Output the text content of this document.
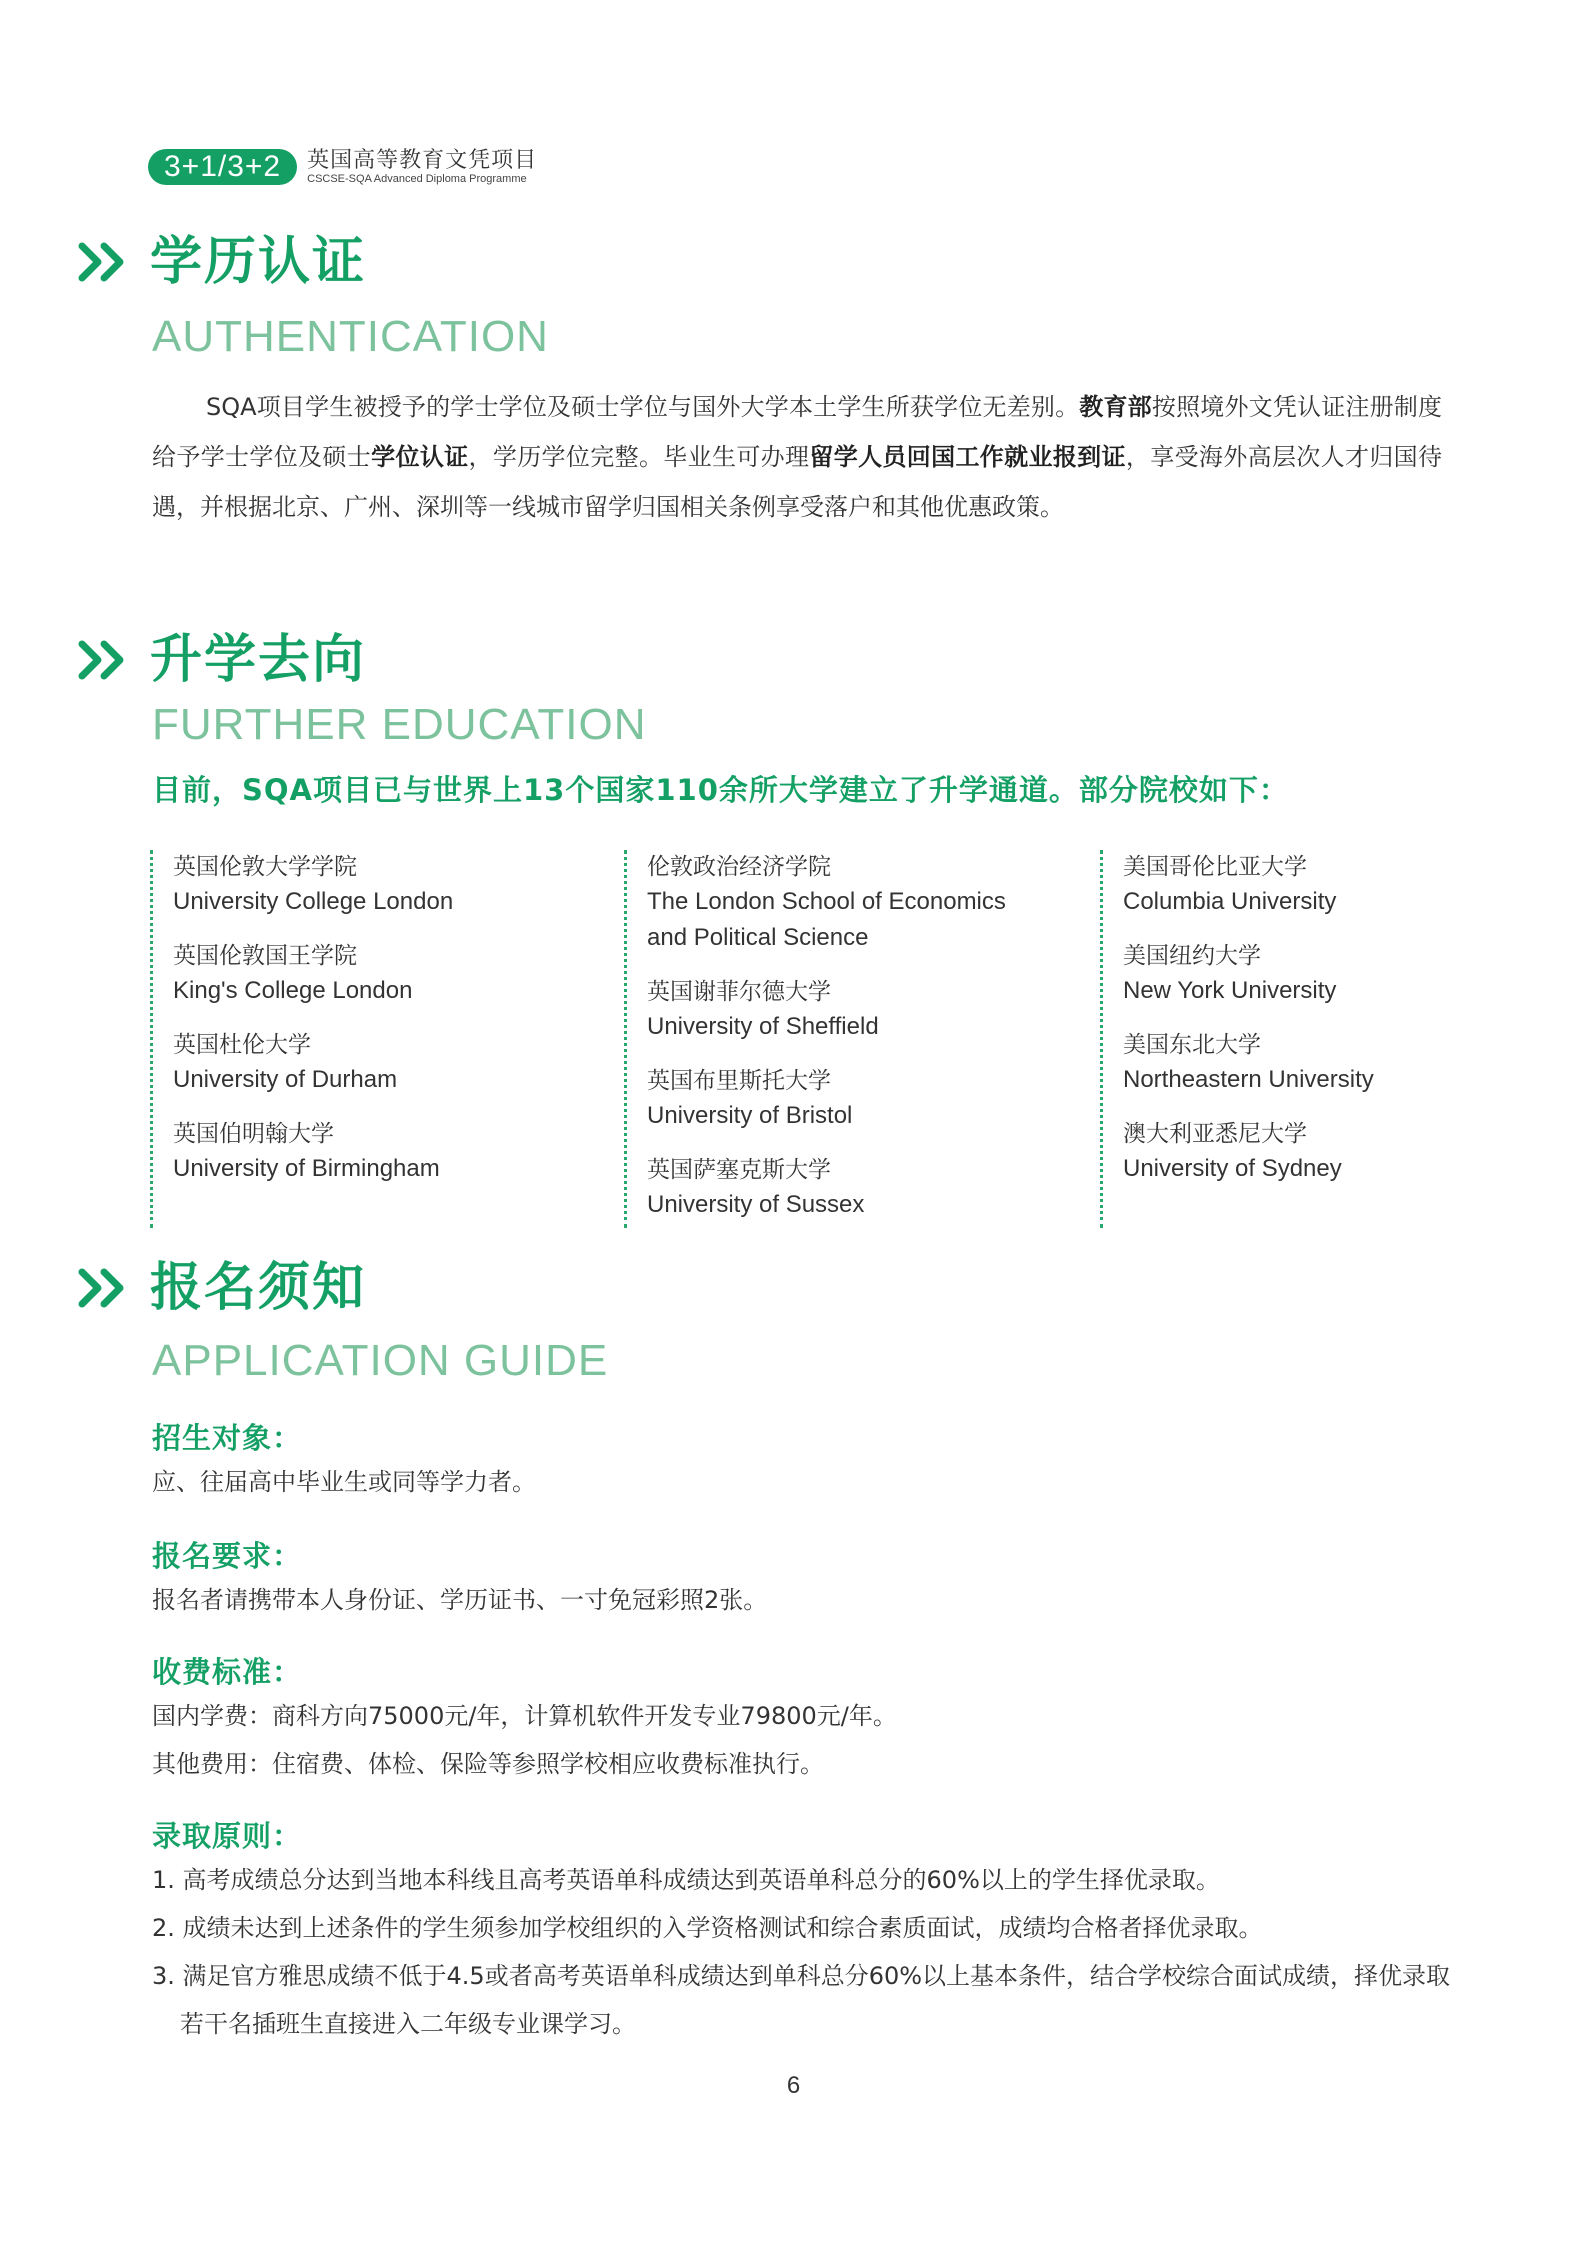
3+1/3+2	英国高等教育文凭项目
CSCSE-SQA Advanced Diploma Programme
学历认证
AUTHENTICATION
SQA项目学生被授予的学士学位及硕士学位与国外大学本土学生所获学位无差别。教育部按照境外文凭认证注册制度给予学士学位及硕士学位认证，学历学位完整。毕业生可办理留学人员回国工作就业报到证，享受海外高层次人才归国待遇，并根据北京、广州、深圳等一线城市留学归国相关条例享受落户和其他优惠政策。
升学去向
FURTHER EDUCATION
目前，SQA项目已与世界上13个国家110余所大学建立了升学通道。部分院校如下：
英国伦敦大学学院
University College London
英国伦敦国王学院
King's College London
英国杜伦大学
University of Durham
英国伯明翰大学
University of Birmingham
伦敦政治经济学院
The London School of Economics and Political Science
英国谢菲尔德大学
University of Sheffield
英国布里斯托大学
University of Bristol
英国萨塞克斯大学
University of Sussex
美国哥伦比亚大学
Columbia University
美国纽约大学
New York University
美国东北大学
Northeastern University
澳大利亚悉尼大学
University of Sydney
报名须知
APPLICATION GUIDE
招生对象：
应、往届高中毕业生或同等学力者。
报名要求：
报名者请携带本人身份证、学历证书、一寸免冠彩照2张。
收费标准：
国内学费：商科方向75000元/年，计算机软件开发专业79800元/年。
其他费用：住宿费、体检、保险等参照学校相应收费标准执行。
录取原则：
1. 高考成绩总分达到当地本科线且高考英语单科成绩达到英语单科总分的60%以上的学生择优录取。
2. 成绩未达到上述条件的学生须参加学校组织的入学资格测试和综合素质面试，成绩均合格者择优录取。
3. 满足官方雅思成绩不低于4.5或者高考英语单科成绩达到单科总分60%以上基本条件，结合学校综合面试成绩，择优录取若干名插班生直接进入二年级专业课学习。
6
